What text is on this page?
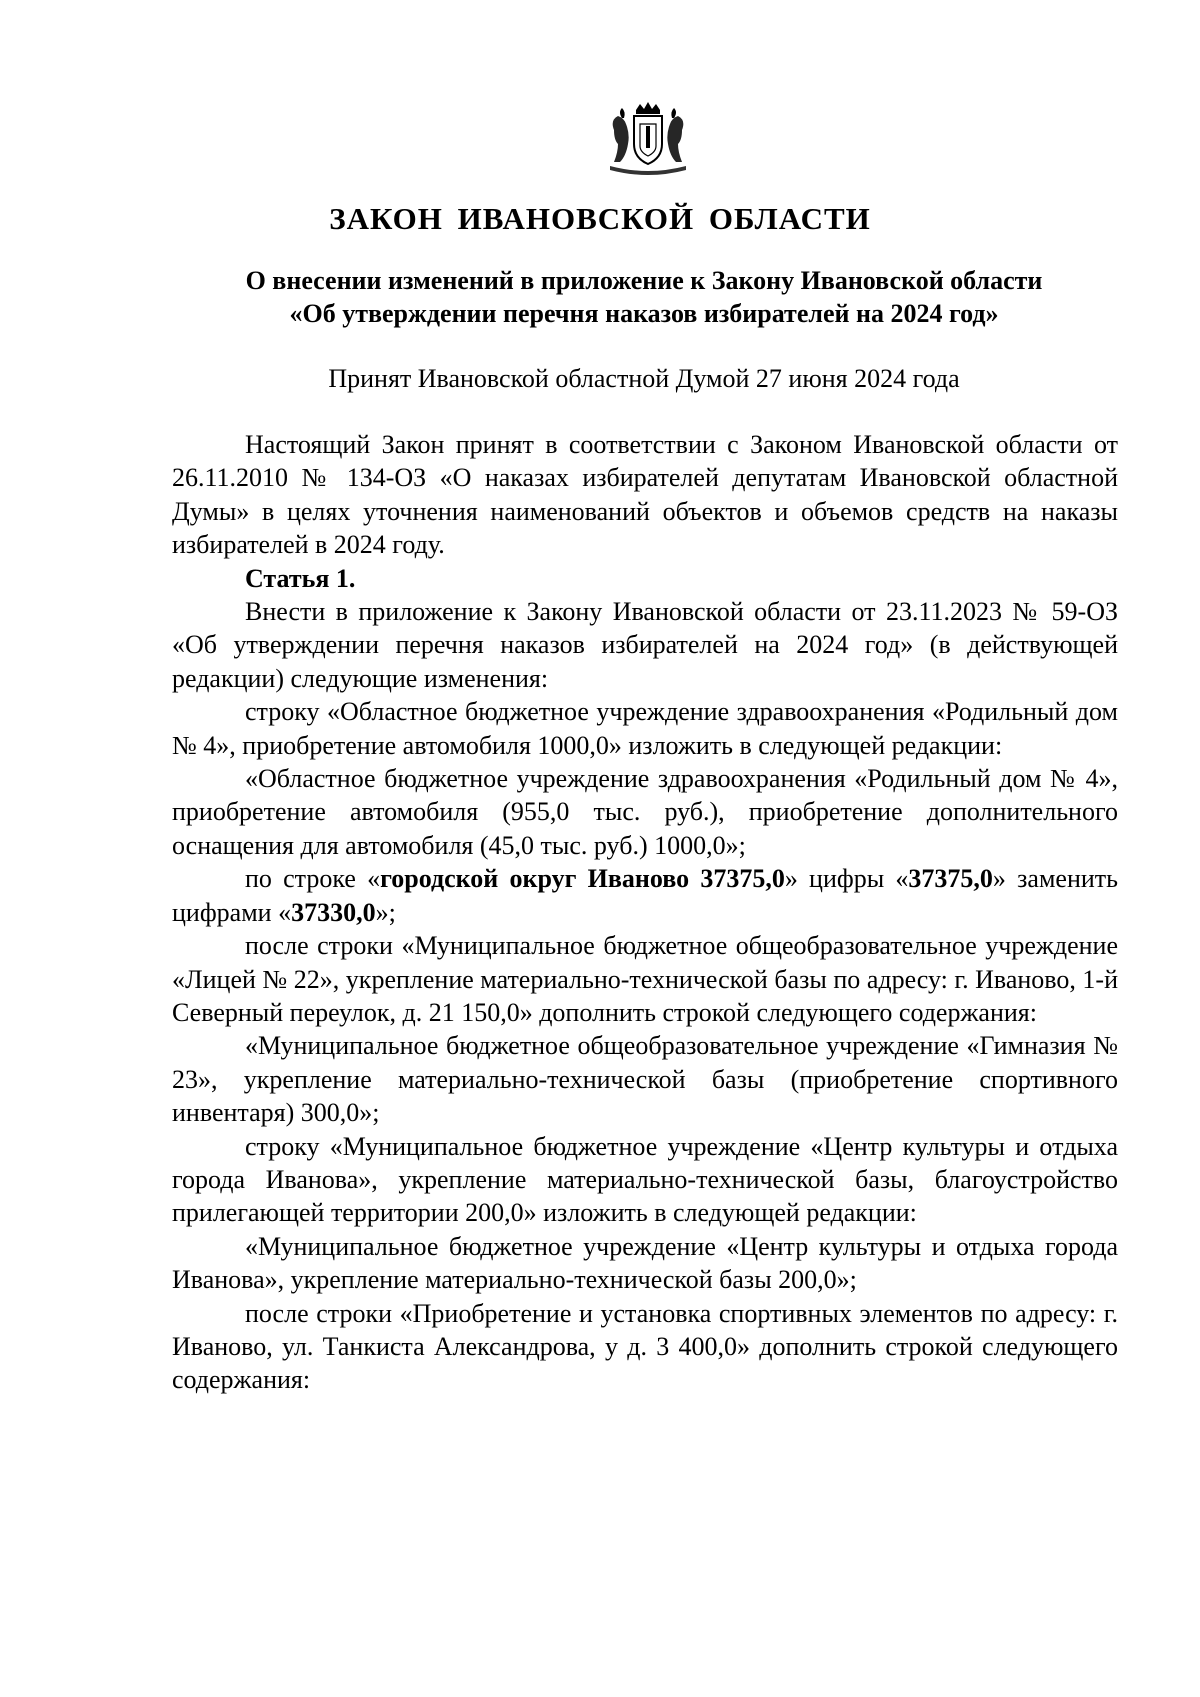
ЗАКОН ИВАНОВСКОЙ ОБЛАСТИ
О внесении изменений в приложение к Закону Ивановской области
«Об утверждении перечня наказов избирателей на 2024 год»
Принят Ивановской областной Думой 27 июня 2024 года

Настоящий Закон принят в соответствии с Законом Ивановской области от 26.11.2010 № 134-ОЗ «О наказах избирателей депутатам Ивановской областной Думы» в целях уточнения наименований объектов и объемов средств на наказы избирателей в 2024 году.

Статья 1.

Внести в приложение к Закону Ивановской области от 23.11.2023 № 59-ОЗ «Об утверждении перечня наказов избирателей на 2024 год» (в действующей редакции) следующие изменения:

строку «Областное бюджетное учреждение здравоохранения «Родильный дом № 4», приобретение автомобиля 1000,0» изложить в следующей редакции:

«Областное бюджетное учреждение здравоохранения «Родильный дом № 4», приобретение автомобиля (955,0 тыс. руб.), приобретение дополнительного оснащения для автомобиля (45,0 тыс. руб.) 1000,0»;

по строке «городской округ Иваново 37375,0» цифры «37375,0» заменить цифрами «37330,0»;

после строки «Муниципальное бюджетное общеобразовательное учреждение «Лицей № 22», укрепление материально-технической базы по адресу: г. Иваново, 1-й Северный переулок, д. 21 150,0» дополнить строкой следующего содержания:

«Муниципальное бюджетное общеобразовательное учреждение «Гимназия № 23», укрепление материально-технической базы (приобретение спортивного инвентаря) 300,0»;

строку «Муниципальное бюджетное учреждение «Центр культуры и отдыха города Иванова», укрепление материально-технической базы, благоустройство прилегающей территории 200,0» изложить в следующей редакции:

«Муниципальное бюджетное учреждение «Центр культуры и отдыха города Иванова», укрепление материально-технической базы 200,0»;

после строки «Приобретение и установка спортивных элементов по адресу: г. Иваново, ул. Танкиста Александрова, у д. 3 400,0» дополнить строкой следующего содержания:
